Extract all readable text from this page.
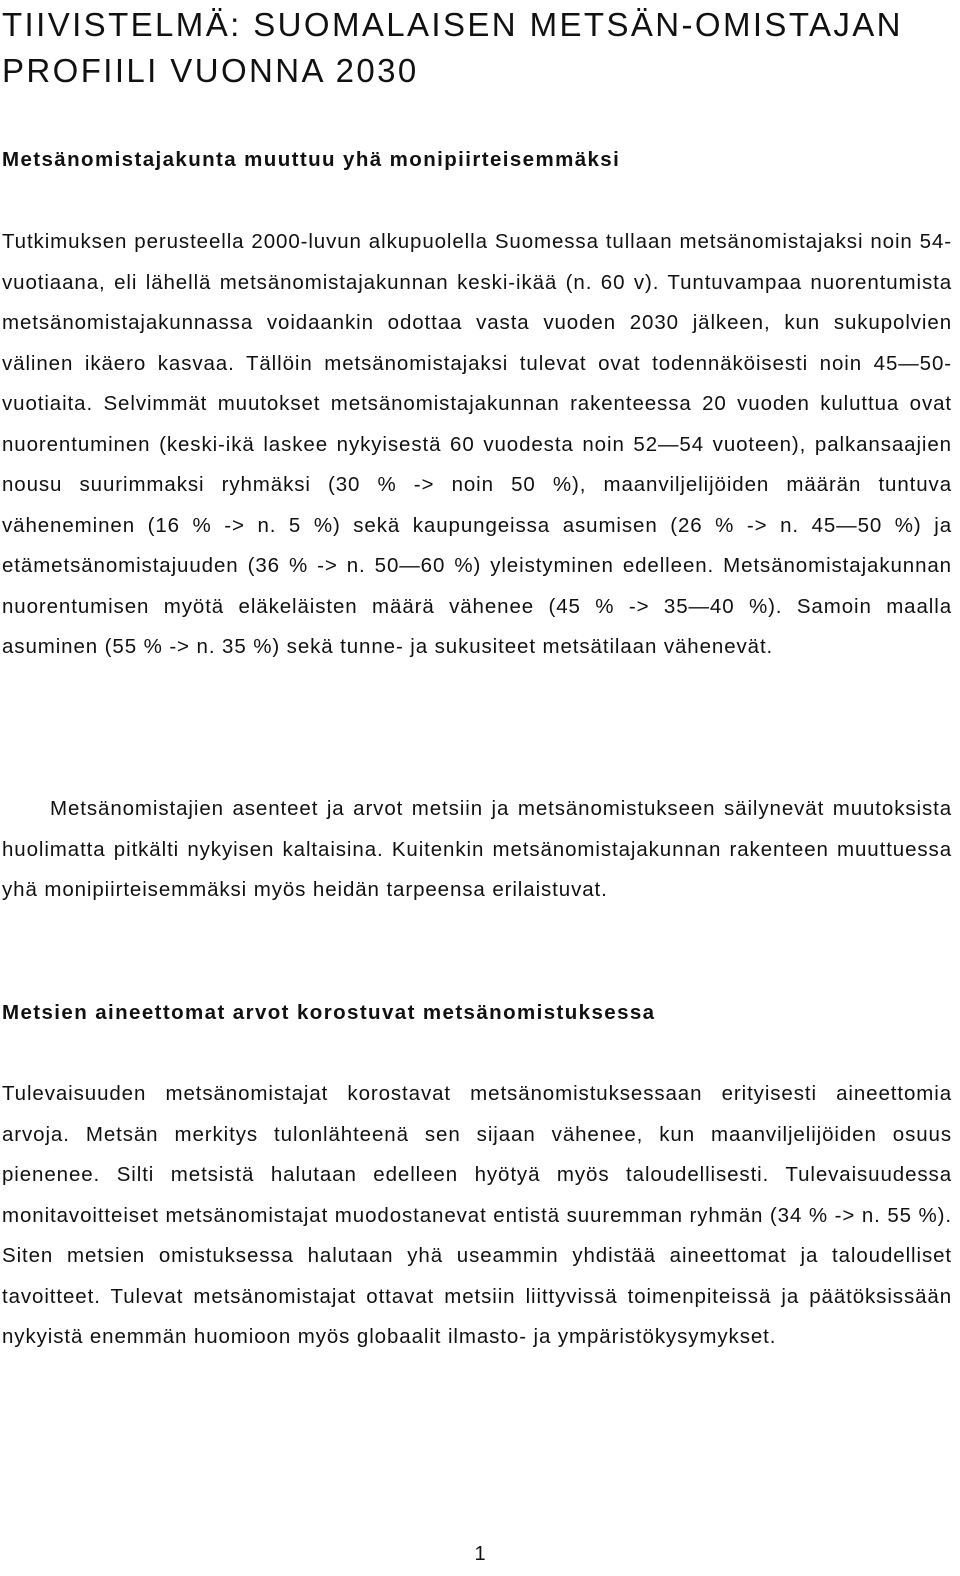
TIIVISTELMÄ: SUOMALAISEN METSÄN-OMISTAJAN PROFIILI VUONNA 2030
Metsänomistajakunta muuttuu yhä monipiirteisemmäksi

Tutkimuksen perusteella 2000-luvun alkupuolella Suomessa tullaan metsänomistajaksi noin 54-vuotiaana, eli lähellä metsänomistajakunnan keski-ikää (n. 60 v). Tuntuvampaa nuorentumista metsänomistajakunnassa voidaankin odottaa vasta vuoden 2030 jälkeen, kun sukupolvien välinen ikäero kasvaa. Tällöin metsänomistajaksi tulevat ovat todennäköisesti noin 45—50-vuotiaita. Selvimmät muutokset metsänomistajakunnan rakenteessa 20 vuoden kuluttua ovat nuorentuminen (keski-ikä laskee nykyisestä 60 vuodesta noin 52—54 vuoteen), palkansaajien nousu suurimmaksi ryhmäksi (30 % -> noin 50 %), maanviljelijöiden määrän tuntuva väheneminen (16 % -> n. 5 %) sekä kaupungeissa asumisen (26 % -> n. 45—50 %) ja etämetsänomistajuuden (36 % -> n. 50—60 %) yleistyminen edelleen. Metsänomistajakunnan nuorentumisen myötä eläkeläisten määrä vähenee (45 % -> 35—40 %). Samoin maalla asuminen (55 % -> n. 35 %) sekä tunne- ja sukusiteet metsätilaan vähenevät.

Metsänomistajien asenteet ja arvot metsiin ja metsänomistukseen säilynevät muutoksista huolimatta pitkälti nykyisen kaltaisina. Kuitenkin metsänomistajakunnan rakenteen muuttuessa yhä monipiirteisemmäksi myös heidän tarpeensa erilaistuvat.

Metsien aineettomat arvot korostuvat metsänomistuksessa

Tulevaisuuden metsänomistajat korostavat metsänomistuksessaan erityisesti aineettomia arvoja. Metsän merkitys tulonlähteenä sen sijaan vähenee, kun maanviljelijöiden osuus pienenee. Silti metsistä halutaan edelleen hyötyä myös taloudellisesti. Tulevaisuudessa monitavoitteiset metsänomistajat muodostanevat entistä suuremman ryhmän (34 % -> n. 55 %). Siten metsien omistuksessa halutaan yhä useammin yhdistää aineettomat ja taloudelliset tavoitteet. Tulevat metsänomistajat ottavat metsiin liittyvissä toimenpiteissä ja päätöksissään nykyistä enemmän huomioon myös globaalit ilmasto- ja ympäristökysymykset.

1
